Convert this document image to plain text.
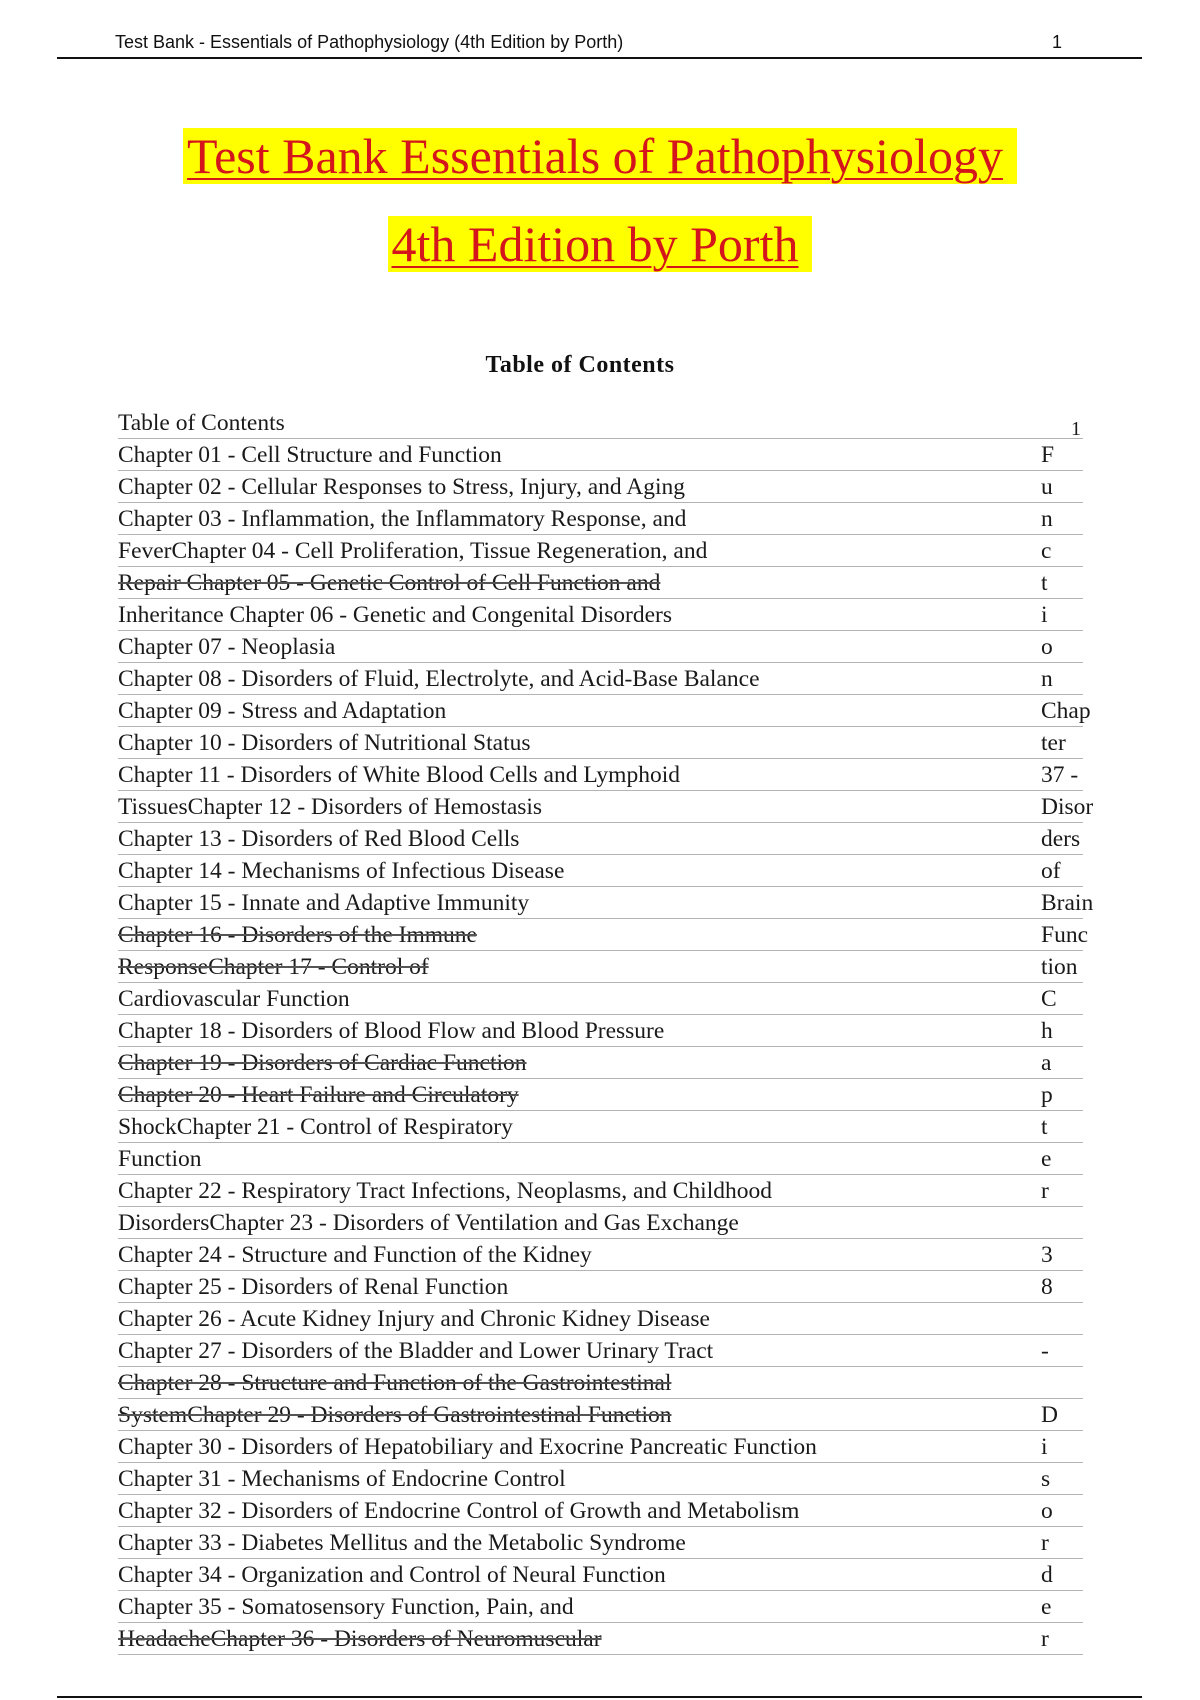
Test Bank - Essentials of Pathophysiology (4th Edition by Porth)	1
Test Bank Essentials of Pathophysiology
4th Edition by Porth
Table of Contents
Table of Contents	1
Chapter 01 - Cell Structure and Function	F
Chapter 02 - Cellular Responses to Stress, Injury, and Aging	u
Chapter 03 - Inflammation, the Inflammatory Response, and	n
FeverChapter 04 - Cell Proliferation, Tissue Regeneration, and	c
Repair Chapter 05 - Genetic Control of Cell Function and	t
Inheritance Chapter 06 - Genetic and Congenital Disorders	i
Chapter 07 - Neoplasia	o
Chapter 08 - Disorders of Fluid, Electrolyte, and Acid-Base Balance	n
Chapter 09 - Stress and Adaptation	Chap
Chapter 10 - Disorders of Nutritional Status	ter
Chapter 11 - Disorders of White Blood Cells and Lymphoid	37 -
TissuesChapter 12 - Disorders of Hemostasis	Disor
Chapter 13 - Disorders of Red Blood Cells	ders
Chapter 14 - Mechanisms of Infectious Disease	of
Chapter 15 - Innate and Adaptive Immunity	Brain
Chapter 16 - Disorders of the Immune	Func
ResponseChapter 17 - Control of	tion
Cardiovascular Function	C
Chapter 18 - Disorders of Blood Flow and Blood Pressure	h
Chapter 19 - Disorders of Cardiac Function	a
Chapter 20 - Heart Failure and Circulatory	p
ShockChapter 21 - Control of Respiratory	t
Function	e
Chapter 22 - Respiratory Tract Infections, Neoplasms, and Childhood	r
DisordersChapter 23 - Disorders of Ventilation and Gas Exchange
Chapter 24 - Structure and Function of the Kidney	3
Chapter 25 - Disorders of Renal Function	8
Chapter 26 - Acute Kidney Injury and Chronic Kidney Disease
Chapter 27 - Disorders of the Bladder and Lower Urinary Tract	-
Chapter 28 - Structure and Function of the Gastrointestinal
SystemChapter 29 - Disorders of Gastrointestinal Function	D
Chapter 30 - Disorders of Hepatobiliary and Exocrine Pancreatic Function	i
Chapter 31 - Mechanisms of Endocrine Control	s
Chapter 32 - Disorders of Endocrine Control of Growth and Metabolism	o
Chapter 33 - Diabetes Mellitus and the Metabolic Syndrome	r
Chapter 34 - Organization and Control of Neural Function	d
Chapter 35 - Somatosensory Function, Pain, and	e
HeadacheChapter 36 - Disorders of Neuromuscular	r
